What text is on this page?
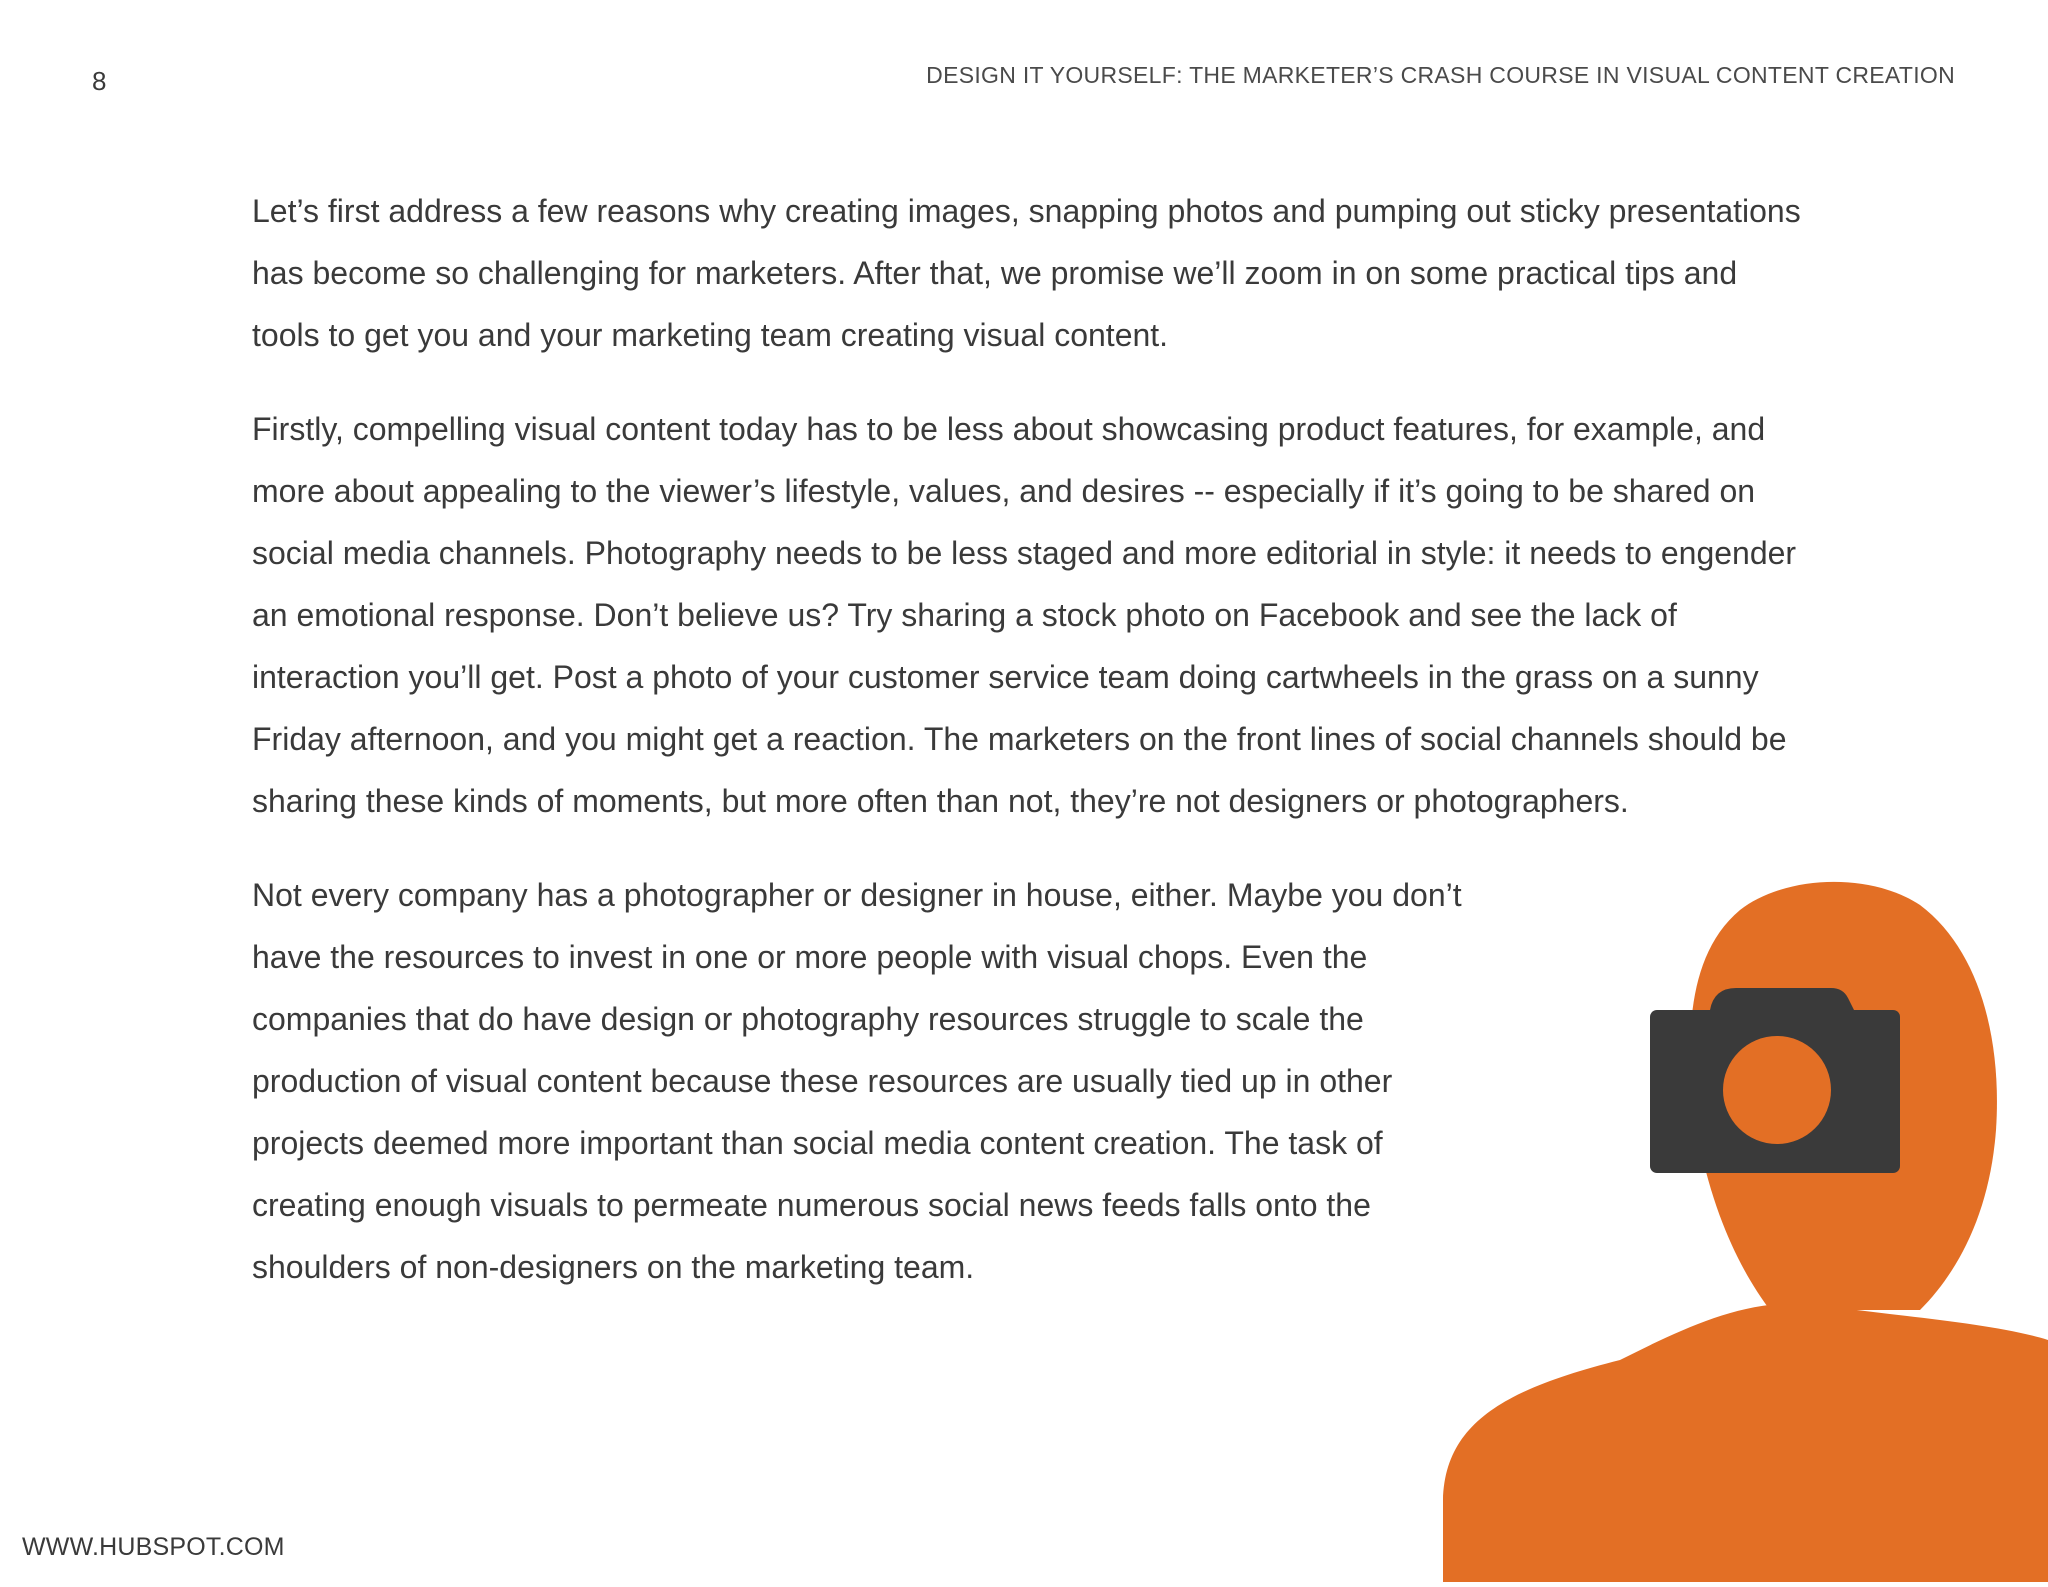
8	DESIGN IT YOURSELF: THE MARKETER’S CRASH COURSE IN VISUAL CONTENT CREATION

Let’s first address a few reasons why creating images, snapping photos and pumping out sticky presentations has become so challenging for marketers. After that, we promise we’ll zoom in on some practical tips and tools to get you and your marketing team creating visual content.

Firstly, compelling visual content today has to be less about showcasing product features, for example, and more about appealing to the viewer’s lifestyle, values, and desires -- especially if it’s going to be shared on social media channels. Photography needs to be less staged and more editorial in style: it needs to engender an emotional response. Don’t believe us? Try sharing a stock photo on Facebook and see the lack of interaction you’ll get. Post a photo of your customer service team doing cartwheels in the grass on a sunny Friday afternoon, and you might get a reaction. The marketers on the front lines of social channels should be sharing these kinds of moments, but more often than not, they’re not designers or photographers.

Not every company has a photographer or designer in house, either. Maybe you don’t have the resources to invest in one or more people with visual chops. Even the companies that do have design or photography resources struggle to scale the production of visual content because these resources are usually tied up in other projects deemed more important than social media content creation. The task of creating enough visuals to permeate numerous social news feeds falls onto the shoulders of non-designers on the marketing team.

WWW.HUBSPOT.COM
